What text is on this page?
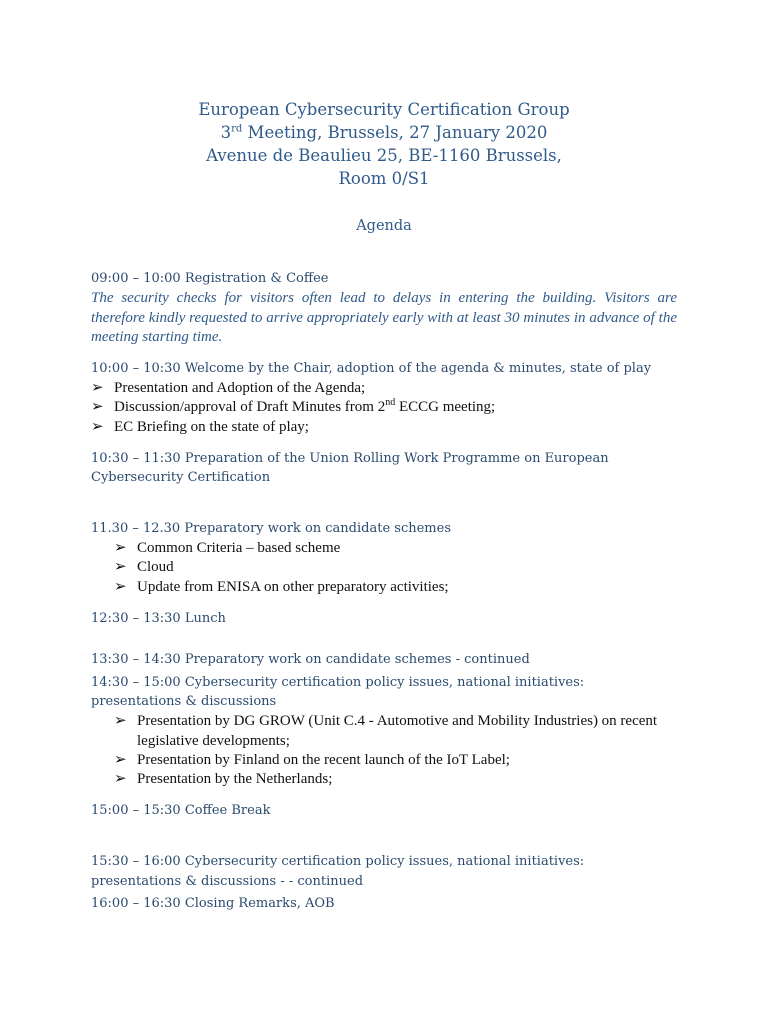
European Cybersecurity Certification Group
3rd Meeting, Brussels, 27 January 2020
Avenue de Beaulieu 25, BE-1160 Brussels,
Room 0/S1
Agenda
09:00 – 10:00 Registration & Coffee
The security checks for visitors often lead to delays in entering the building. Visitors are therefore kindly requested to arrive appropriately early with at least 30 minutes in advance of the meeting starting time.
10:00 – 10:30 Welcome by the Chair, adoption of the agenda & minutes, state of play
➢ Presentation and Adoption of the Agenda;
➢ Discussion/approval of Draft Minutes from 2nd ECCG meeting;
➢ EC Briefing on the state of play;
10:30 – 11:30 Preparation of the Union Rolling Work Programme on European
Cybersecurity Certification
11.30 – 12.30 Preparatory work on candidate schemes
➢ Common Criteria – based scheme
➢ Cloud
➢ Update from ENISA on other preparatory activities;
12:30 – 13:30 Lunch
13:30 – 14:30 Preparatory work on candidate schemes - continued
14:30 – 15:00 Cybersecurity certification policy issues, national initiatives:
presentations & discussions
➢ Presentation by DG GROW (Unit C.4 - Automotive and Mobility Industries) on recent
legislative developments;
➢ Presentation by Finland on the recent launch of the IoT Label;
➢ Presentation by the Netherlands;
15:00 – 15:30 Coffee Break
15:30 – 16:00 Cybersecurity certification policy issues, national initiatives:
presentations & discussions - - continued
16:00 – 16:30 Closing Remarks, AOB
